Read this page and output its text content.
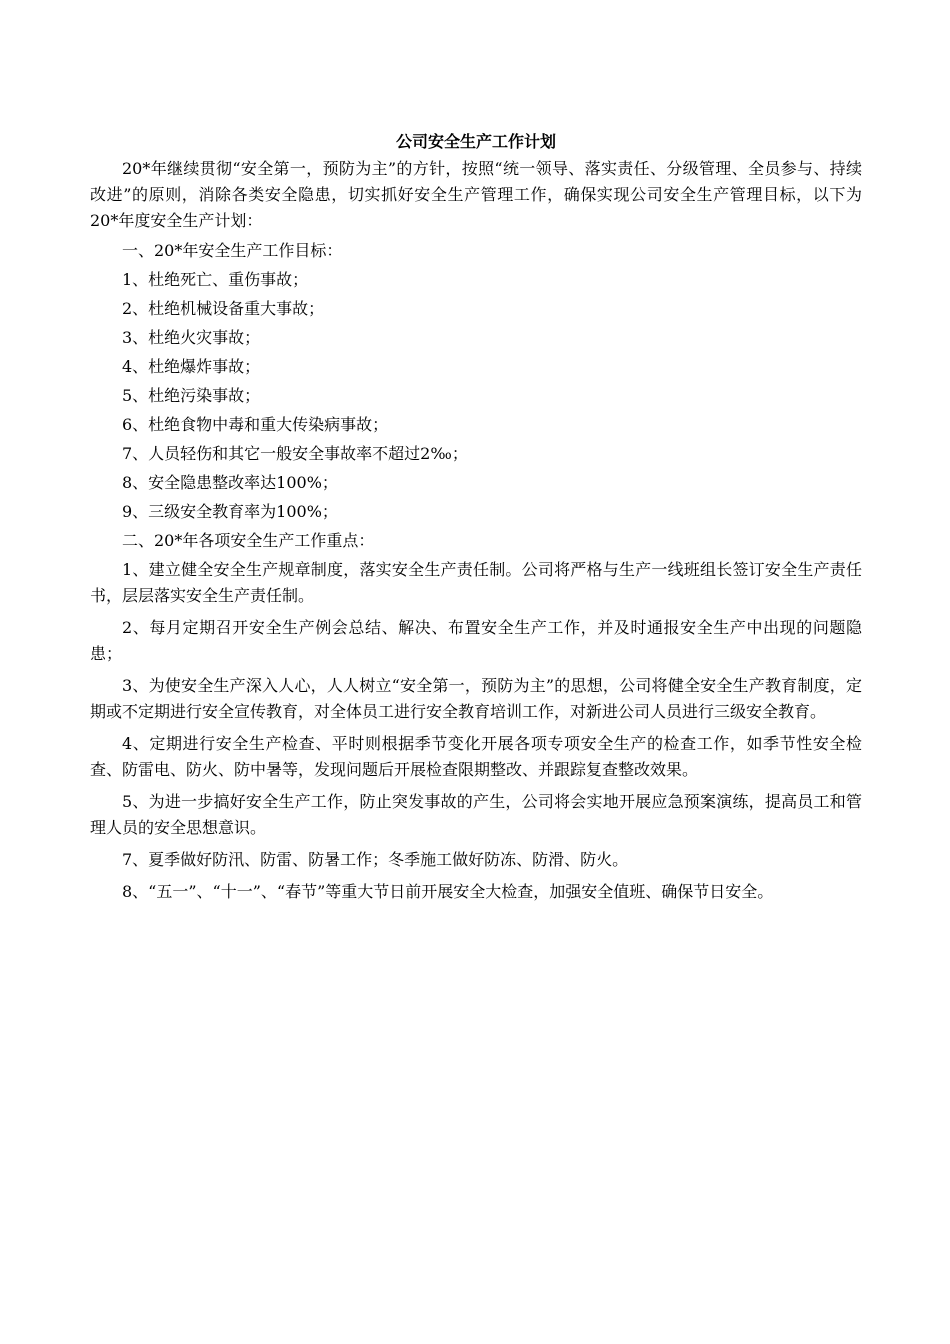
公司安全生产工作计划

20*年继续贯彻“安全第一，预防为主”的方针，按照“统一领导、落实责任、分级管理、全员参与、持续改进”的原则，消除各类安全隐患，切实抓好安全生产管理工作，确保实现公司安全生产管理目标，以下为20*年度安全生产计划：

一、20*年安全生产工作目标：

1、杜绝死亡、重伤事故；

2、杜绝机械设备重大事故；

3、杜绝火灾事故；

4、杜绝爆炸事故；

5、杜绝污染事故；

6、杜绝食物中毒和重大传染病事故；

7、人员轻伤和其它一般安全事故率不超过2‰；

8、安全隐患整改率达100%；

9、三级安全教育率为100%；

二、20*年各项安全生产工作重点：

1、建立健全安全生产规章制度，落实安全生产责任制。公司将严格与生产一线班组长签订安全生产责任书，层层落实安全生产责任制。

2、每月定期召开安全生产例会总结、解决、布置安全生产工作，并及时通报安全生产中出现的问题隐患；

3、为使安全生产深入人心，人人树立“安全第一，预防为主”的思想，公司将健全安全生产教育制度，定期或不定期进行安全宣传教育，对全体员工进行安全教育培训工作，对新进公司人员进行三级安全教育。

4、定期进行安全生产检查、平时则根据季节变化开展各项专项安全生产的检查工作，如季节性安全检查、防雷电、防火、防中暑等，发现问题后开展检查限期整改、并跟踪复查整改效果。

5、为进一步搞好安全生产工作，防止突发事故的产生，公司将会实地开展应急预案演练，提高员工和管理人员的安全思想意识。

7、夏季做好防汛、防雷、防暑工作；冬季施工做好防冻、防滑、防火。

8、“五一”、“十一”、“春节”等重大节日前开展安全大检查，加强安全值班、确保节日安全。
